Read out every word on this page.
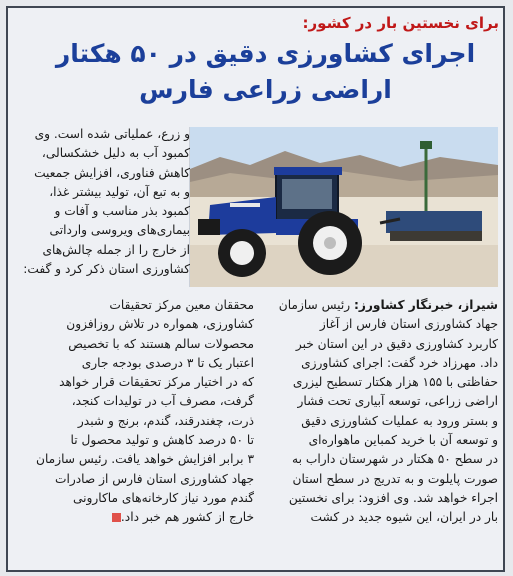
برای نخستین بار در کشور:
اجرای کشاورزی دقیق در ۵۰ هکتار
اراضی زراعی فارس
و زرع، عملیاتی شده است. وی
کمبود آب به دلیل خشکسالی،
کاهش فناوری، افزایش جمعیت
و به تبع آن، تولید بیشتر غذا،
کمبود بذر مناسب و آفات و
بیماری‌های ویروسی وارداتی
از خارج را از جمله چالش‌های
کشاورزی استان ذکر کرد و گفت:
محققان معین مرکز تحقیقات
کشاورزی، همواره در تلاش روزافزون
محصولات سالم هستند که با تخصیص
اعتبار یک تا ۳ درصدی بودجه جاری
که در اختیار مرکز تحقیقات قرار خواهد
گرفت، مصرف آب در تولیدات کنجد،
ذرت، چغندرقند، گندم، برنج و شبدر
تا ۵۰ درصد کاهش و تولید محصول تا
۳ برابر افزایش خواهد یافت. رئیس سازمان
جهاد کشاورزی استان فارس از صادرات
گندم مورد نیاز کارخانه‌های ماکارونی
خارج از کشور هم خبر داد.
شیراز، خبرنگار کشاورز: رئیس سازمان
جهاد کشاورزی استان فارس از آغاز
کاربرد کشاورزی دقیق در این استان خبر
داد. مهرزاد خرد گفت: اجرای کشاورزی
حفاظتی با ۱۵۵ هزار هکتار تسطیح لیزری
اراضی زراعی، توسعه آبیاری تحت فشار
و بستر ورود به عملیات کشاورزی دقیق
و توسعه آن با خرید کمباین ماهواره‌ای
در سطح ۵۰ هکتار در شهرستان داراب به
صورت پایلوت و به تدریج در سطح استان
اجراء خواهد شد. وی افزود: برای نخستین
بار در ایران، این شیوه جدید در کشت
